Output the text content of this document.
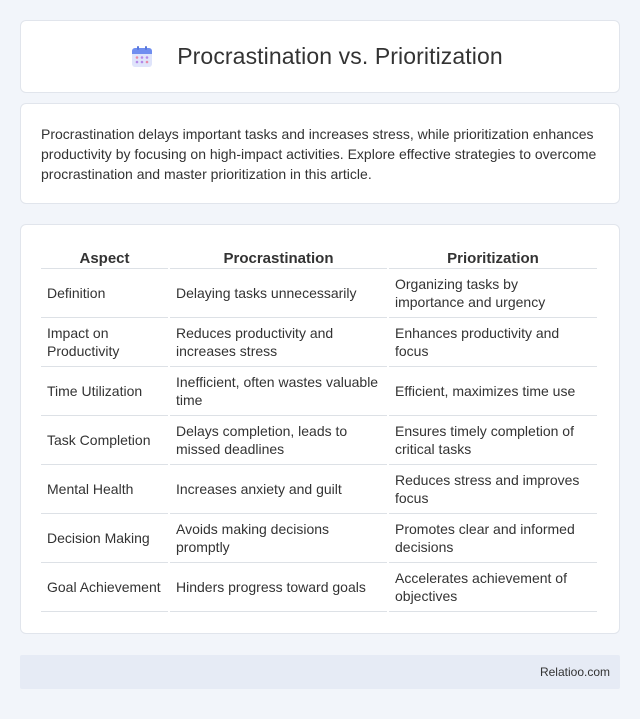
Procrastination vs. Prioritization

Procrastination delays important tasks and increases stress, while prioritization enhances productivity by focusing on high-impact activities. Explore effective strategies to overcome procrastination and master prioritization in this article.

Aspect	Procrastination	Prioritization
Definition	Delaying tasks unnecessarily	Organizing tasks by importance and urgency
Impact on Productivity	Reduces productivity and increases stress	Enhances productivity and focus
Time Utilization	Inefficient, often wastes valuable time	Efficient, maximizes time use
Task Completion	Delays completion, leads to missed deadlines	Ensures timely completion of critical tasks
Mental Health	Increases anxiety and guilt	Reduces stress and improves focus
Decision Making	Avoids making decisions promptly	Promotes clear and informed decisions
Goal Achievement	Hinders progress toward goals	Accelerates achievement of objectives
Relatioo.com
